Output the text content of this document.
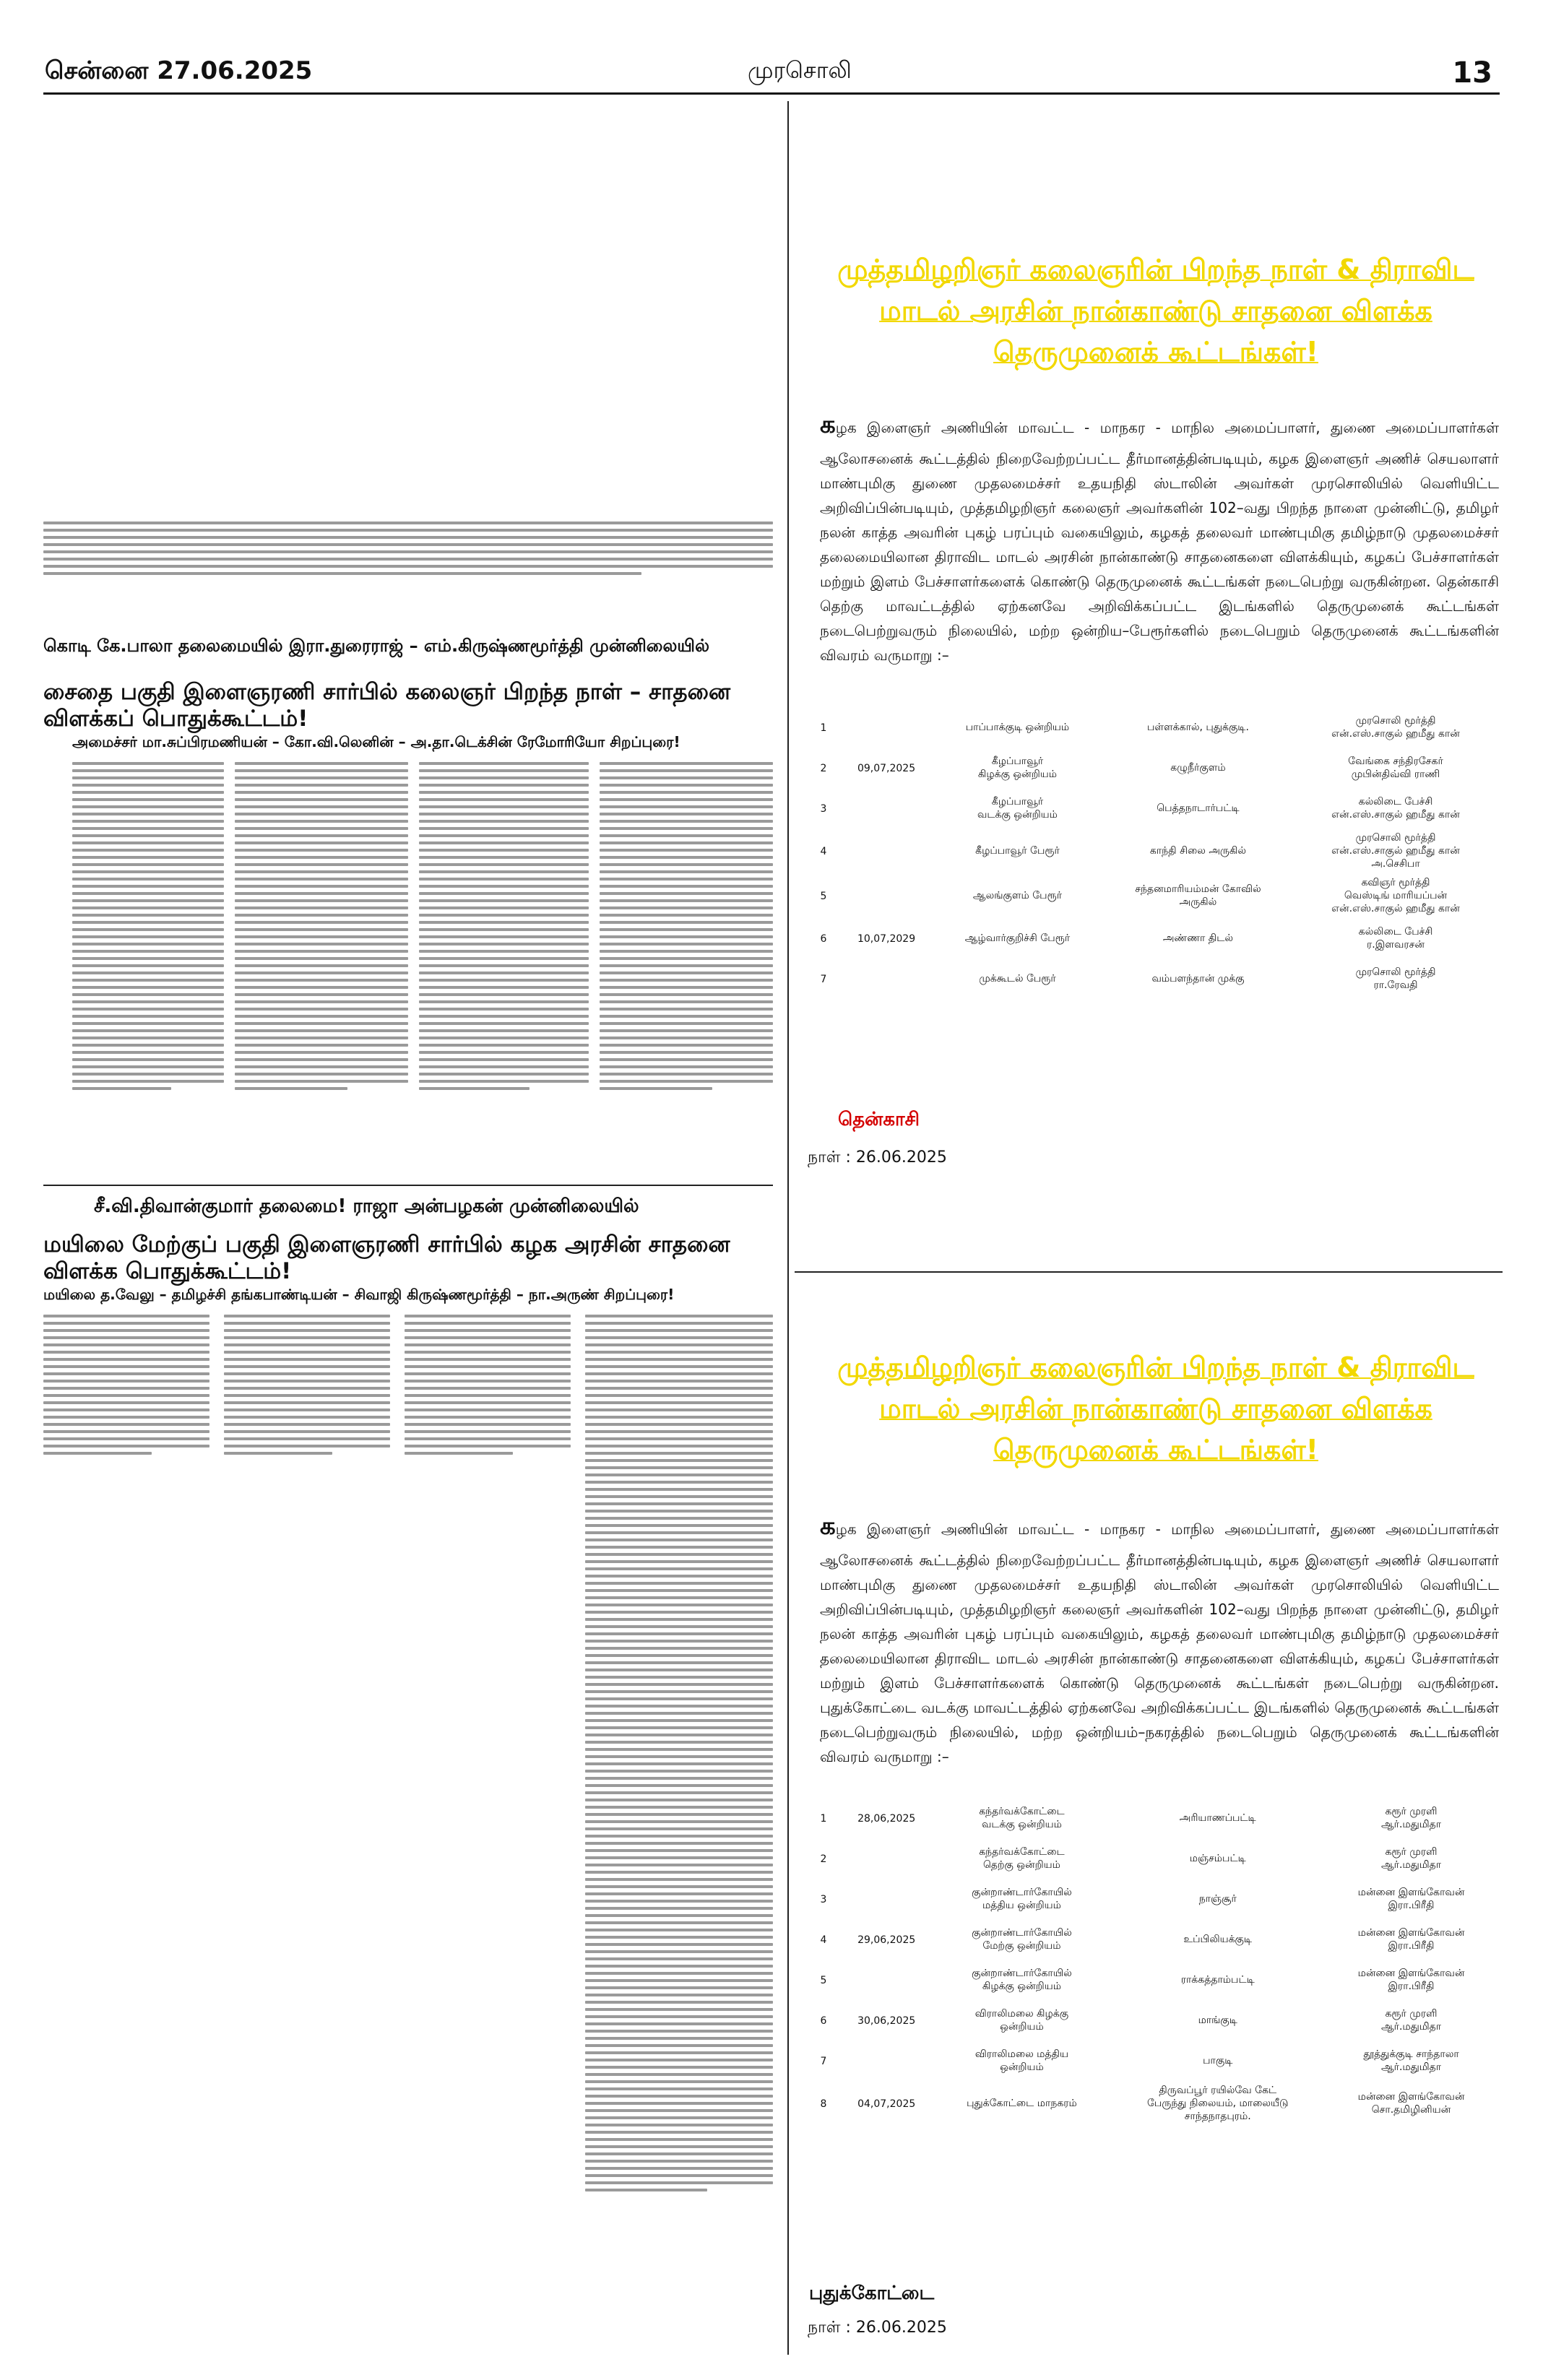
சென்னை 27.06.2025	முரசொலி	13
கொடி கே.பாலா தலைமையில் இரா.துரைராஜ் – எம்.கிருஷ்ணமூர்த்தி முன்னிலையில்
சைதை பகுதி இளைஞரணி சார்பில் கலைஞர் பிறந்த நாள் – சாதனை விளக்கப் பொதுக்கூட்டம்!
அமைச்சர் மா.சுப்பிரமணியன் – கோ.வி.லெனின் – அ.தா.டெக்சின் ரேமோரியோ சிறப்புரை!
சீ.வி.திவான்குமார் தலைமை! ராஜா அன்பழகன் முன்னிலையில்
மயிலை மேற்குப் பகுதி இளைஞரணி சார்பில் கழக அரசின் சாதனை விளக்க பொதுக்கூட்டம்!
மயிலை த.வேலு – தமிழச்சி தங்கபாண்டியன் – சிவாஜி கிருஷ்ணமூர்த்தி – நா.அருண் சிறப்புரை!
முத்தமிழறிஞர் கலைஞரின் பிறந்த நாள் & திராவிட மாடல் அரசின் நான்காண்டு சாதனை விளக்க தெருமுனைக் கூட்டங்கள்!
கழக இளைஞர் அணியின் மாவட்ட - மாநகர - மாநில அமைப்பாளர், துணை அமைப்பாளர்கள் ஆலோசனைக் கூட்டத்தில் நிறைவேற்றப்பட்ட தீர்மானத்தின்படியும், கழக இளைஞர் அணிச் செயலாளர் மாண்புமிகு துணை முதலமைச்சர் உதயநிதி ஸ்டாலின் அவர்கள் முரசொலியில் வெளியிட்ட அறிவிப்பின்படியும், முத்தமிழறிஞர் கலைஞர் அவர்களின் 102–வது பிறந்த நாளை முன்னிட்டு, தமிழர் நலன் காத்த அவரின் புகழ் பரப்பும் வகையிலும், கழகத் தலைவர் மாண்புமிகு தமிழ்நாடு முதலமைச்சர் தலைமையிலான திராவிட மாடல் அரசின் நான்காண்டு சாதனைகளை விளக்கியும், கழகப் பேச்சாளர்கள் மற்றும் இளம் பேச்சாளர்களைக் கொண்டு தெருமுனைக் கூட்டங்கள் நடைபெற்று வருகின்றன. தென்காசி தெற்கு மாவட்டத்தில் ஏற்கனவே அறிவிக்கப்பட்ட இடங்களில் தெருமுனைக் கூட்டங்கள் நடைபெற்றுவரும் நிலையில், மற்ற ஒன்றிய–பேரூர்களில் நடைபெறும் தெருமுனைக் கூட்டங்களின் விவரம் வருமாறு :–
1		பாப்பாக்குடி ஒன்றியம்	பள்ளக்கால், புதுக்குடி.	முரசொலி மூர்த்தி
என்.எஸ்.சாகுல் ஹமீது கான்
2	09,07,2025	கீழப்பாவூர்
கிழக்கு ஒன்றியம்	கழுநீர்குளம்	வேங்கை சந்திரசேகர்
முபின்திவ்வி ராணி
3		கீழப்பாவூர்
வடக்கு ஒன்றியம்	பெத்தநாடார்பட்டி	கல்லிடை பேச்சி
என்.எஸ்.சாகுல் ஹமீது கான்
4		கீழப்பாவூர் பேரூர்	காந்தி சிலை அருகில்	முரசொலி மூர்த்தி
என்.எஸ்.சாகுல் ஹமீது கான்
அ.செசிபா
5		ஆலங்குளம் பேரூர்	சந்தனமாரியம்மன் கோவில்
அருகில்	கவிஞர் மூர்த்தி
வெஸ்டிங் மாரியப்பன்
என்.எஸ்.சாகுல் ஹமீது கான்
6	10,07,2029	ஆழ்வார்குறிச்சி பேரூர்	அண்ணா திடல்	கல்லிடை பேச்சி
ர.இளவரசன்
7		முக்கூடல் பேரூர்	வம்பளந்தான் முக்கு	முரசொலி மூர்த்தி
ரா.ரேவதி
தென்காசி
நாள் : 26.06.2025
முத்தமிழறிஞர் கலைஞரின் பிறந்த நாள் & திராவிட மாடல் அரசின் நான்காண்டு சாதனை விளக்க தெருமுனைக் கூட்டங்கள்!
கழக இளைஞர் அணியின் மாவட்ட - மாநகர - மாநில அமைப்பாளர், துணை அமைப்பாளர்கள் ஆலோசனைக் கூட்டத்தில் நிறைவேற்றப்பட்ட தீர்மானத்தின்படியும், கழக இளைஞர் அணிச் செயலாளர் மாண்புமிகு துணை முதலமைச்சர் உதயநிதி ஸ்டாலின் அவர்கள் முரசொலியில் வெளியிட்ட அறிவிப்பின்படியும், முத்தமிழறிஞர் கலைஞர் அவர்களின் 102–வது பிறந்த நாளை முன்னிட்டு, தமிழர் நலன் காத்த அவரின் புகழ் பரப்பும் வகையிலும், கழகத் தலைவர் மாண்புமிகு தமிழ்நாடு முதலமைச்சர் தலைமையிலான திராவிட மாடல் அரசின் நான்காண்டு சாதனைகளை விளக்கியும், கழகப் பேச்சாளர்கள் மற்றும் இளம் பேச்சாளர்களைக் கொண்டு தெருமுனைக் கூட்டங்கள் நடைபெற்று வருகின்றன. புதுக்கோட்டை வடக்கு மாவட்டத்தில் ஏற்கனவே அறிவிக்கப்பட்ட இடங்களில் தெருமுனைக் கூட்டங்கள் நடைபெற்றுவரும் நிலையில், மற்ற ஒன்றியம்–நகரத்தில் நடைபெறும் தெருமுனைக் கூட்டங்களின் விவரம் வருமாறு :–
1	28,06,2025	கந்தர்வக்கோட்டை
வடக்கு ஒன்றியம்	அரியாணப்பட்டி	கரூர் முரளி
ஆர்.மதுமிதா
2		கந்தர்வக்கோட்டை
தெற்கு ஒன்றியம்	மஞ்சம்பட்டி	கரூர் முரளி
ஆர்.மதுமிதா
3		குன்றாண்டார்கோயில்
மத்திய ஒன்றியம்	நாஞ்சூர்	மன்னை இளங்கோவன்
இரா.பிரீதி
4	29,06,2025	குன்றாண்டார்கோயில்
மேற்கு ஒன்றியம்	உப்பிலியக்குடி	மன்னை இளங்கோவன்
இரா.பிரீதி
5		குன்றாண்டார்கோயில்
கிழக்கு ஒன்றியம்	ராக்கத்தாம்பட்டி	மன்னை இளங்கோவன்
இரா.பிரீதி
6	30,06,2025	விராலிமலை கிழக்கு
ஒன்றியம்	மாங்குடி	கரூர் முரளி
ஆர்.மதுமிதா
7		விராலிமலை மத்திய
ஒன்றியம்	பாகுடி	தூத்துக்குடி சாந்தாலா
ஆர்.மதுமிதா
8	04,07,2025	புதுக்கோட்டை மாநகரம்	திருவப்பூர் ரயில்வே கேட்
பேருந்து நிலையம், மாலையீடு
சாந்தநாதபுரம்.	மன்னை இளங்கோவன்
சொ.தமிழினியன்
புதுக்கோட்டை
நாள் : 26.06.2025
